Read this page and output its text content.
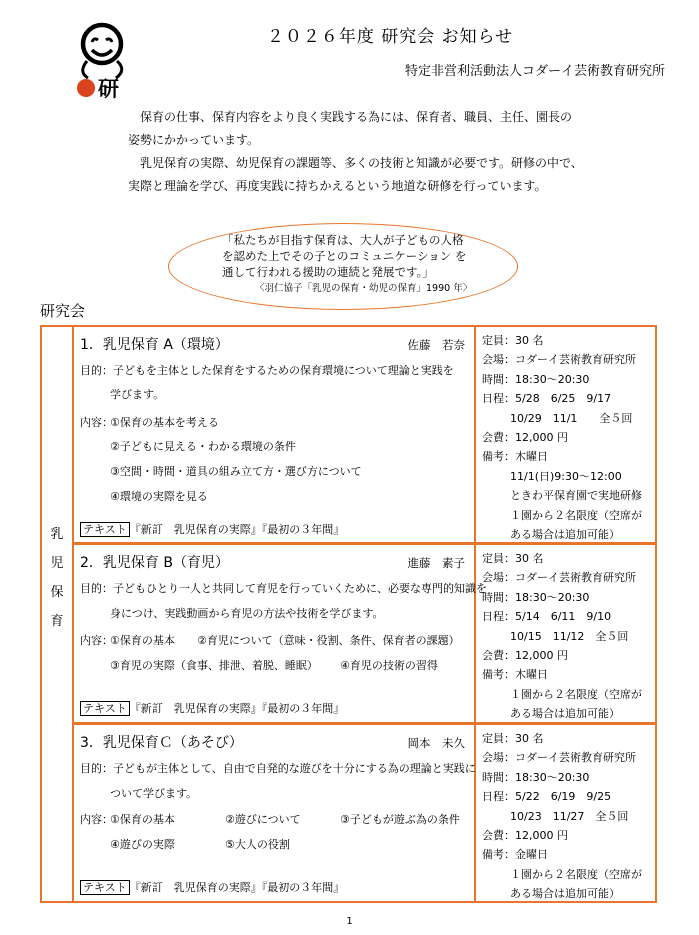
研
２０２６年度 研究会 お知らせ
特定非営利活動法人コダーイ芸術教育研究所

保育の仕事、保育内容をより良く実践する為には、保育者、職員、主任、園長の

姿勢にかかっています。

乳児保育の実際、幼児保育の課題等、多くの技術と知識が必要です。研修の中で、

実際と理論を学び、再度実践に持ちかえるという地道な研修を行っています。

「私たちが目指す保育は、大人が子どもの人格
を認めた上でその子とのコミュニケーション を
通して行われる援助の連続と発展です。」
〈羽仁協子「乳児の保育・幼児の保育」1990 年〉
研究会
乳
児
保
育
1．乳児保育 A（環境）	佐藤　若奈
目的：子どもを主体とした保育をするための保育環境について理論と実践を
学びます。
内容：
①保育の基本を考える
②子どもに見える・わかる環境の条件
③空間・時間・道具の組み立て方・選び方について
④環境の実際を見る
テキスト 『新訂　乳児保育の実際』『最初の３年間』
定員：30 名
会場：コダーイ芸術教育研究所
時間：18:30～20:30
日程：5/28　6/25　9/17
10/29　11/1　　全５回
会費：12,000 円
備考：木曜日
11/1(日)9:30～12:00
ときわ平保育園で実地研修
１園から２名限度（空席が
ある場合は追加可能）
2．乳児保育 B（育児）	進藤　素子
目的：子どもひとり一人と共同して育児を行っていくために、必要な専門的知識を
身につけ、実践動画から育児の方法や技術を学びます。
内容：
①保育の基本 ②育児について（意味・役割、条件、保育者の課題）
③育児の実際（食事、排泄、着脱、睡眠） ④育児の技術の習得
テキスト 『新訂　乳児保育の実際』『最初の３年間』
定員：30 名
会場：コダーイ芸術教育研究所
時間：18:30～20:30
日程：5/14　6/11　9/10
10/15　11/12　全５回
会費：12,000 円
備考：木曜日
１園から２名限度（空席が
ある場合は追加可能）
3．乳児保育Ｃ（あそび）	岡本　未久
目的：子どもが主体として、自由で自発的な遊びを十分にする為の理論と実践に
ついて学びます。
内容：
①保育の基本	②遊びについて	③子どもが遊ぶ為の条件
④遊びの実際	⑤大人の役割
テキスト 『新訂　乳児保育の実際』『最初の３年間』
定員：30 名
会場：コダーイ芸術教育研究所
時間：18:30～20:30
日程：5/22　6/19　9/25
10/23　11/27　全５回
会費：12,000 円
備考：金曜日
１園から２名限度（空席が
ある場合は追加可能）
1
